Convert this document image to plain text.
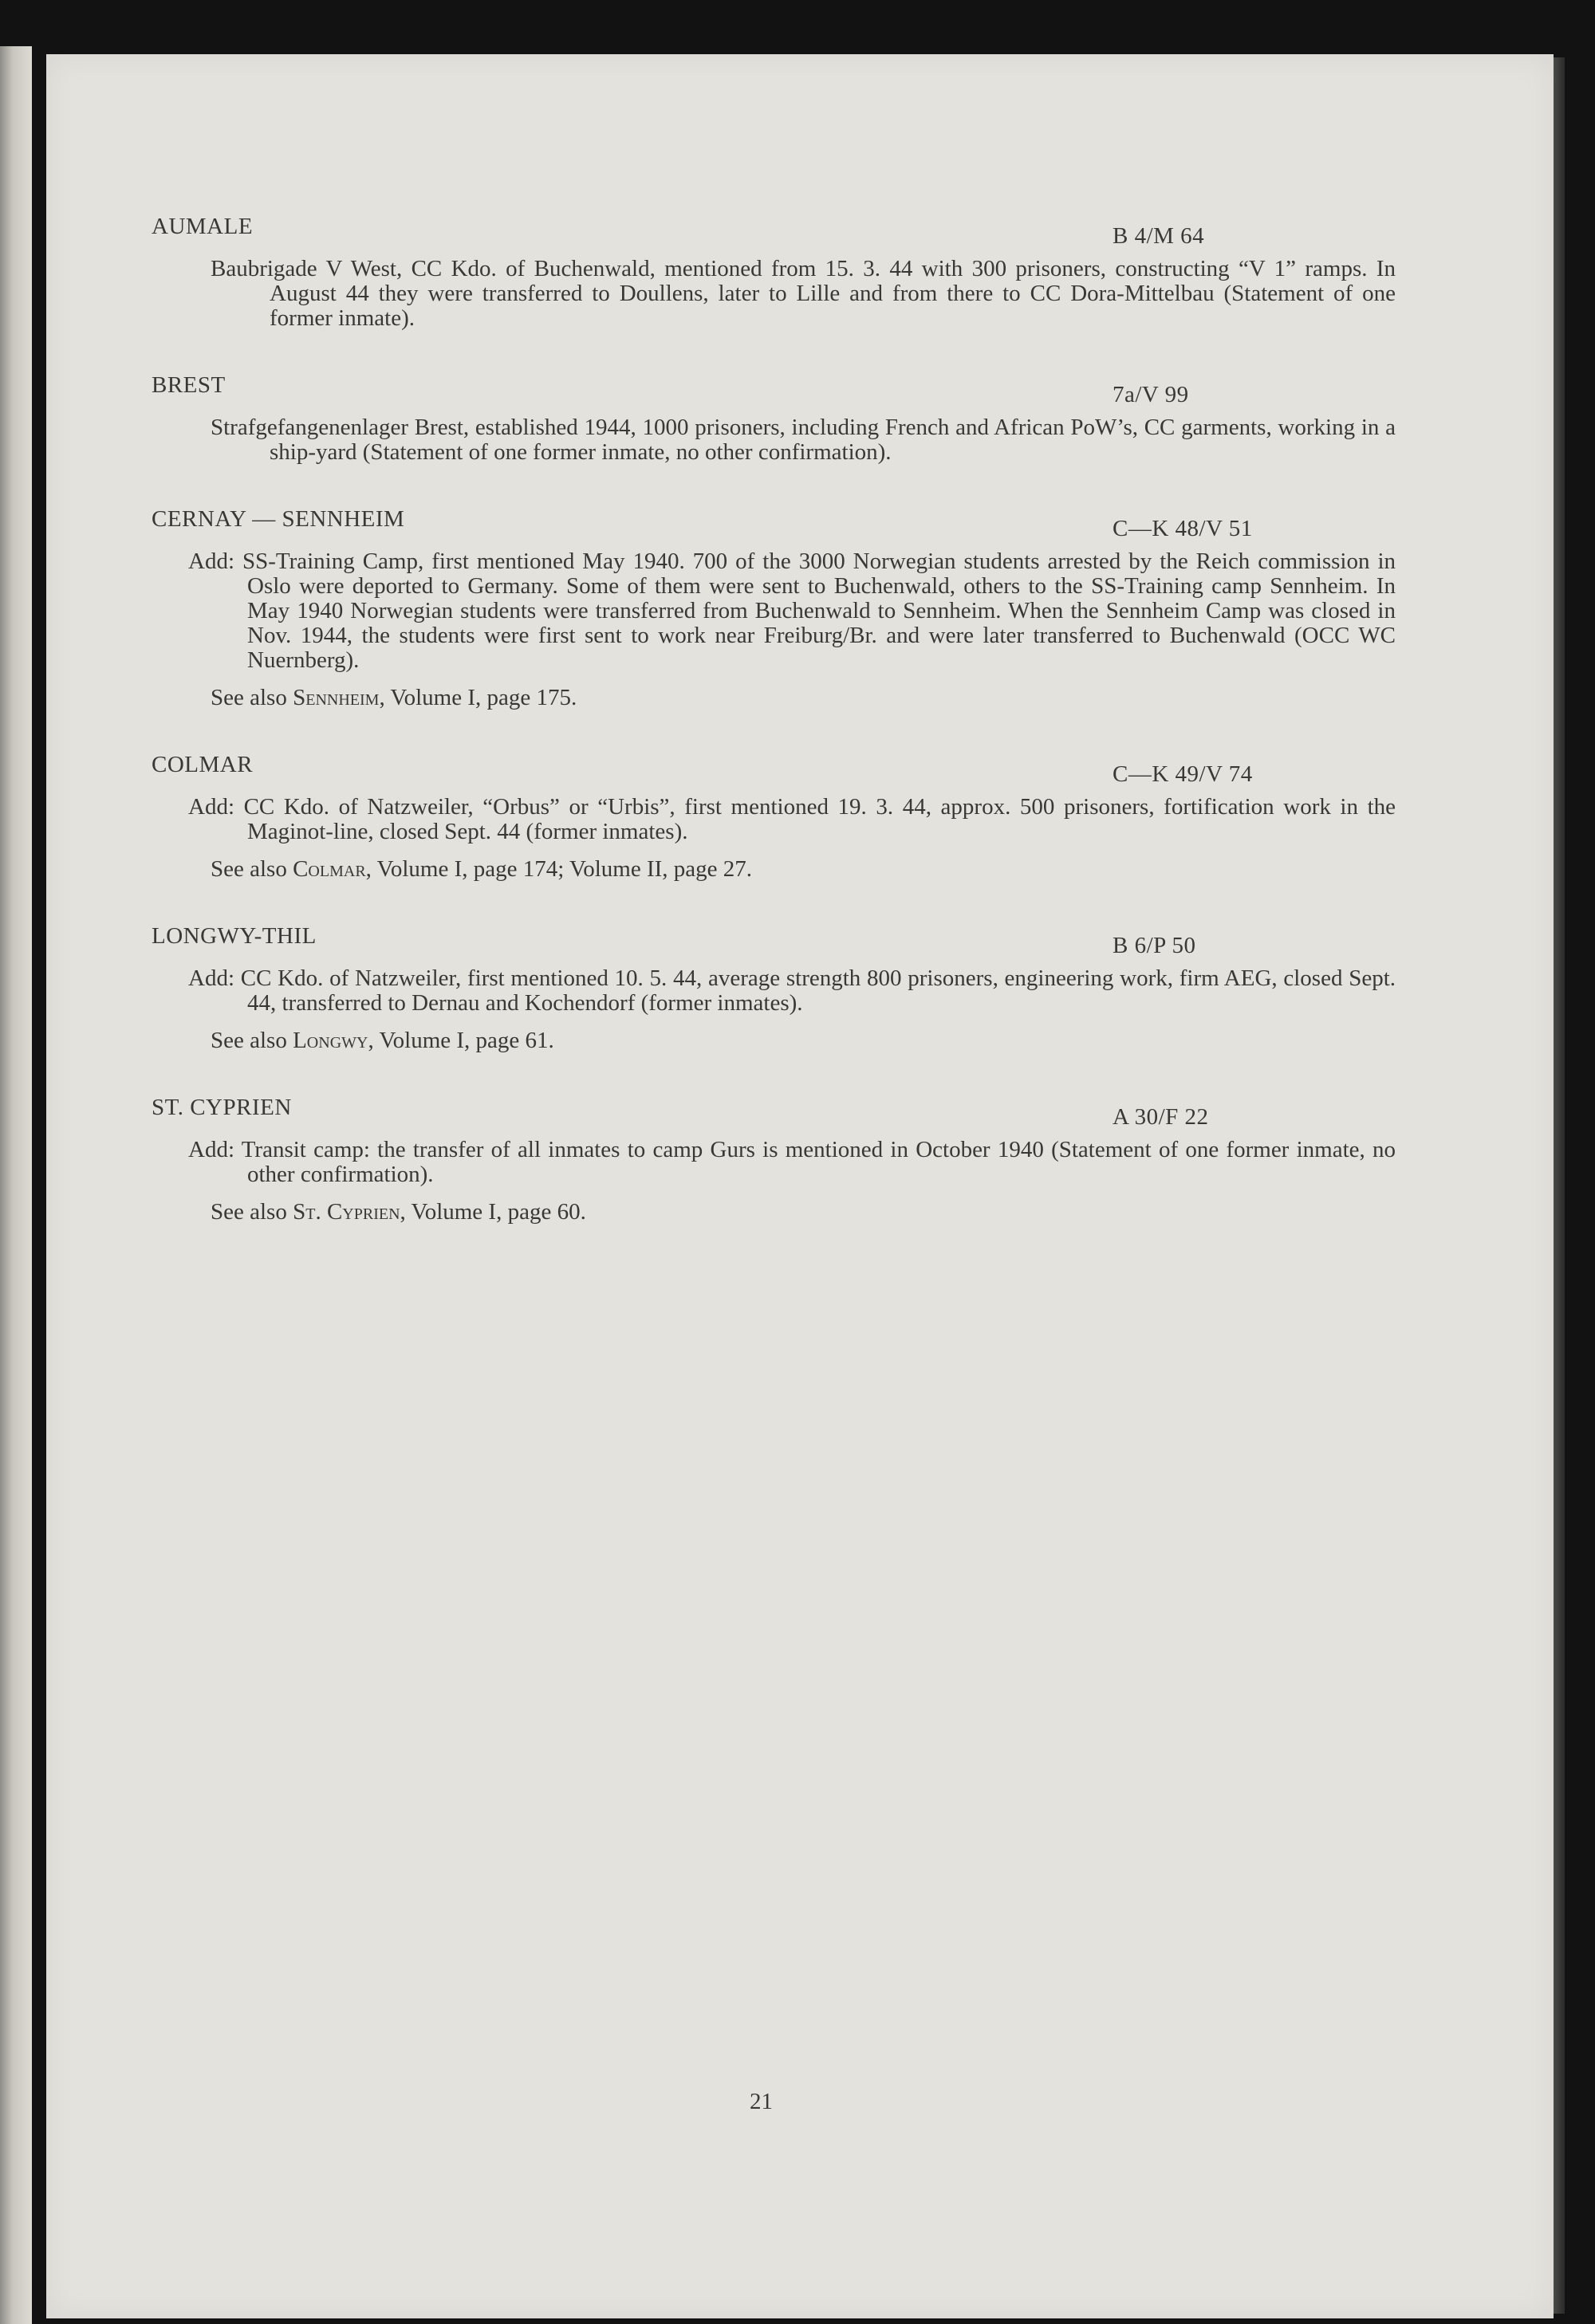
AUMALE	B 4/M 64
Baubrigade V West, CC Kdo. of Buchenwald, mentioned from 15. 3. 44 with 300 prisoners, constructing “V 1” ramps. In August 44 they were transferred to Doullens, later to Lille and from there to CC Dora-Mittelbau (Statement of one former inmate).
BREST	7a/V 99
Strafgefangenenlager Brest, established 1944, 1000 prisoners, including French and African PoW’s, CC garments, working in a ship-yard (Statement of one former inmate, no other confirmation).
CERNAY — SENNHEIM	C—K 48/V 51
Add: SS-Training Camp, first mentioned May 1940. 700 of the 3000 Norwegian students arrested by the Reich commission in Oslo were deported to Germany. Some of them were sent to Buchenwald, others to the SS-Training camp Sennheim. In May 1940 Norwegian students were transferred from Buchenwald to Sennheim. When the Sennheim Camp was closed in Nov. 1944, the students were first sent to work near Freiburg/Br. and were later transferred to Buchenwald (OCC WC Nuernberg).
See also Sennheim, Volume I, page 175.
COLMAR	C—K 49/V 74
Add: CC Kdo. of Natzweiler, “Orbus” or “Urbis”, first mentioned 19. 3. 44, approx. 500 prisoners, fortification work in the Maginot-line, closed Sept. 44 (former inmates).
See also Colmar, Volume I, page 174; Volume II, page 27.
LONGWY-THIL	B 6/P 50
Add: CC Kdo. of Natzweiler, first mentioned 10. 5. 44, average strength 800 prisoners, engineering work, firm AEG, closed Sept. 44, transferred to Dernau and Kochendorf (former inmates).
See also Longwy, Volume I, page 61.
ST. CYPRIEN	A 30/F 22
Add: Transit camp: the transfer of all inmates to camp Gurs is mentioned in October 1940 (Statement of one former inmate, no other confirmation).
See also St. Cyprien, Volume I, page 60.
21
